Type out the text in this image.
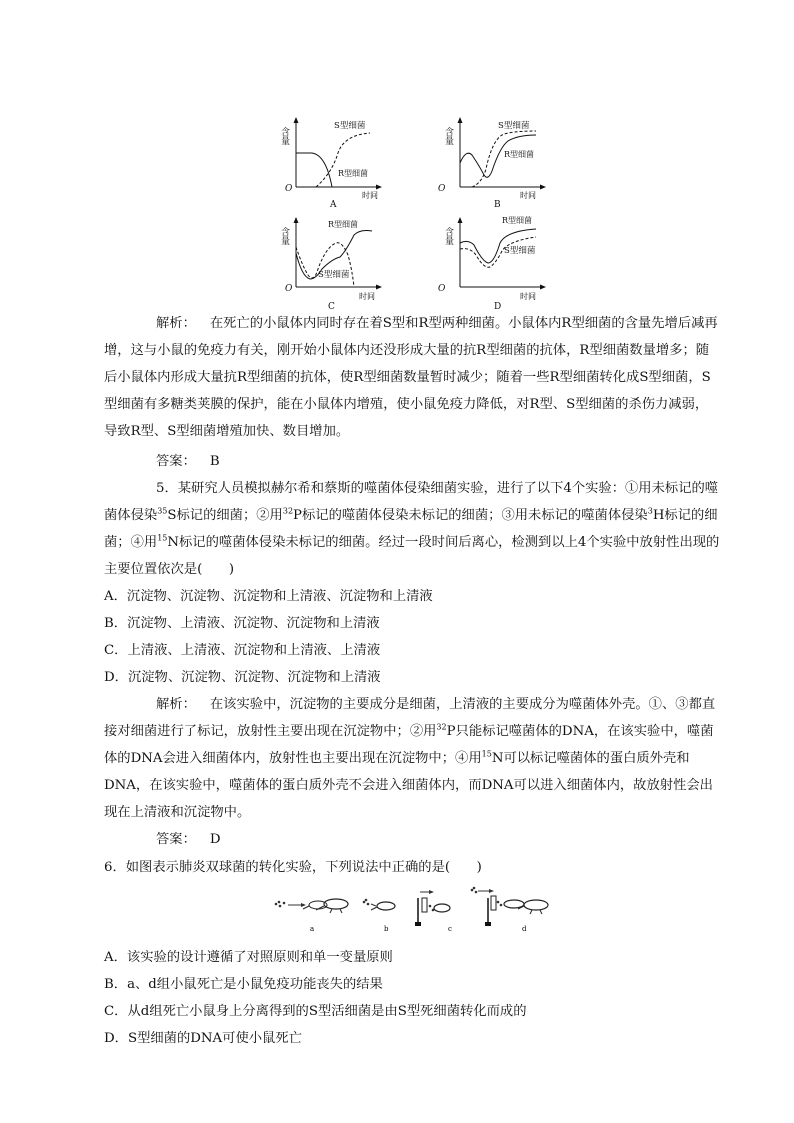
含量
O
时间
S型细菌
R型细菌
A
含量
O
时间
S型细菌
R型细菌
B
含量
O
时间
R型细菌
S型细菌
C
含量
O
时间
R型细菌
S型细菌
D

解析： 在死亡的小鼠体内同时存在着S型和R型两种细菌。小鼠体内R型细菌的含量先增后减再增，这与小鼠的免疫力有关，刚开始小鼠体内还没形成大量的抗R型细菌的抗体，R型细菌数量增多；随后小鼠体内形成大量抗R型细菌的抗体，使R型细菌数量暂时减少；随着一些R型细菌转化成S型细菌，S型细菌有多糖类荚膜的保护，能在小鼠体内增殖，使小鼠免疫力降低，对R型、S型细菌的杀伤力减弱，导致R型、S型细菌增殖加快、数目增加。

答案： B

5．某研究人员模拟赫尔希和蔡斯的噬菌体侵染细菌实验，进行了以下4个实验：①用未标记的噬菌体侵染$^{35}$S标记的细菌；②用$^{32}$P标记的噬菌体侵染未标记的细菌；③用未标记的噬菌体侵染$^3$H标记的细菌；④用$^{15}$N标记的噬菌体侵染未标记的细菌。经过一段时间后离心，检测到以上4个实验中放射性出现的主要位置依次是(　　)

A．沉淀物、沉淀物、沉淀物和上清液、沉淀物和上清液
B．沉淀物、上清液、沉淀物、沉淀物和上清液
C．上清液、上清液、沉淀物和上清液、上清液
D．沉淀物、沉淀物、沉淀物、沉淀物和上清液

解析： 在该实验中，沉淀物的主要成分是细菌，上清液的主要成分为噬菌体外壳。①、③都直接对细菌进行了标记，放射性主要出现在沉淀物中；②用$^{32}$P只能标记噬菌体的DNA，在该实验中，噬菌体的DNA会进入细菌体内，放射性也主要出现在沉淀物中；④用$^{15}$N可以标记噬菌体的蛋白质外壳和DNA，在该实验中，噬菌体的蛋白质外壳不会进入细菌体内，而DNA可以进入细菌体内，故放射性会出现在上清液和沉淀物中。

答案： D
6．如图表示肺炎双球菌的转化实验，下列说法中正确的是(　　)
a	b	c	d
A．该实验的设计遵循了对照原则和单一变量原则
B．a、d组小鼠死亡是小鼠免疫功能丧失的结果
C．从d组死亡小鼠身上分离得到的S型活细菌是由S型死细菌转化而成的
D．S型细菌的DNA可使小鼠死亡
